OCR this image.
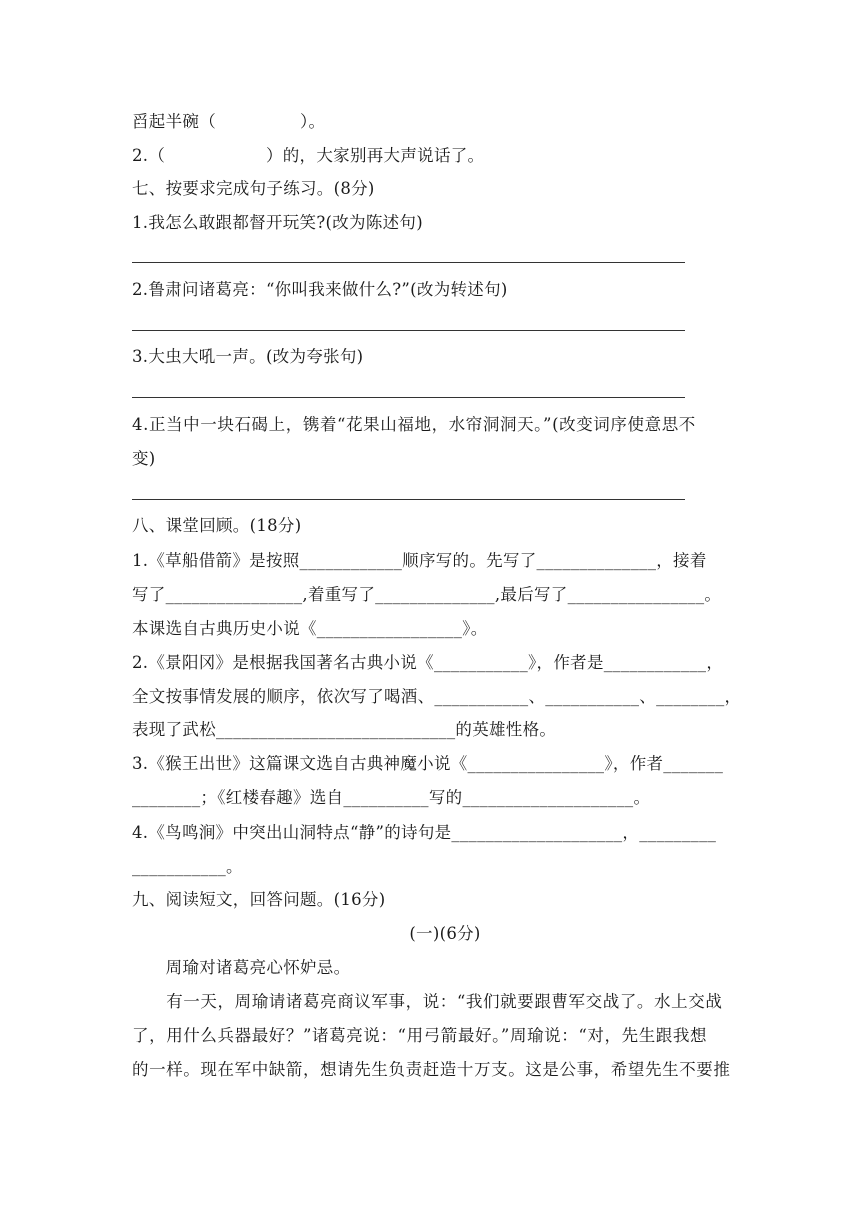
舀起半碗（　　　　　）。
2.（　　　　　　）的，大家别再大声说话了。
七、按要求完成句子练习。(8分)
1.我怎么敢跟都督开玩笑?(改为陈述句)
2.鲁肃问诸葛亮：“你叫我来做什么?”(改为转述句)
3.大虫大吼一声。(改为夸张句)
4.正当中一块石碣上，镌着“花果山福地，水帘洞洞天。”(改变词序使意思不
变)
八、课堂回顾。(18分)
1.《草船借箭》是按照____________顺序写的。先写了______________，接着
写了________________,着重写了______________,最后写了________________。
本课选自古典历史小说《_________________》。
2.《景阳冈》是根据我国著名古典小说《___________》，作者是____________，
全文按事情发展的顺序，依次写了喝酒、___________、___________、________，
表现了武松____________________________的英雄性格。
3.《猴王出世》这篇课文选自古典神魔小说《________________》，作者_______
________；《红楼春趣》选自__________写的____________________。
4.《鸟鸣涧》中突出山洞特点“静”的诗句是____________________，_________
___________。
九、阅读短文，回答问题。(16分)
(一)(6分)
　　周瑜对诸葛亮心怀妒忌。
　　有一天，周瑜请诸葛亮商议军事，说：“我们就要跟曹军交战了。水上交战
了，用什么兵器最好？”诸葛亮说：“用弓箭最好。”周瑜说：“对，先生跟我想
的一样。现在军中缺箭，想请先生负责赶造十万支。这是公事，希望先生不要推
